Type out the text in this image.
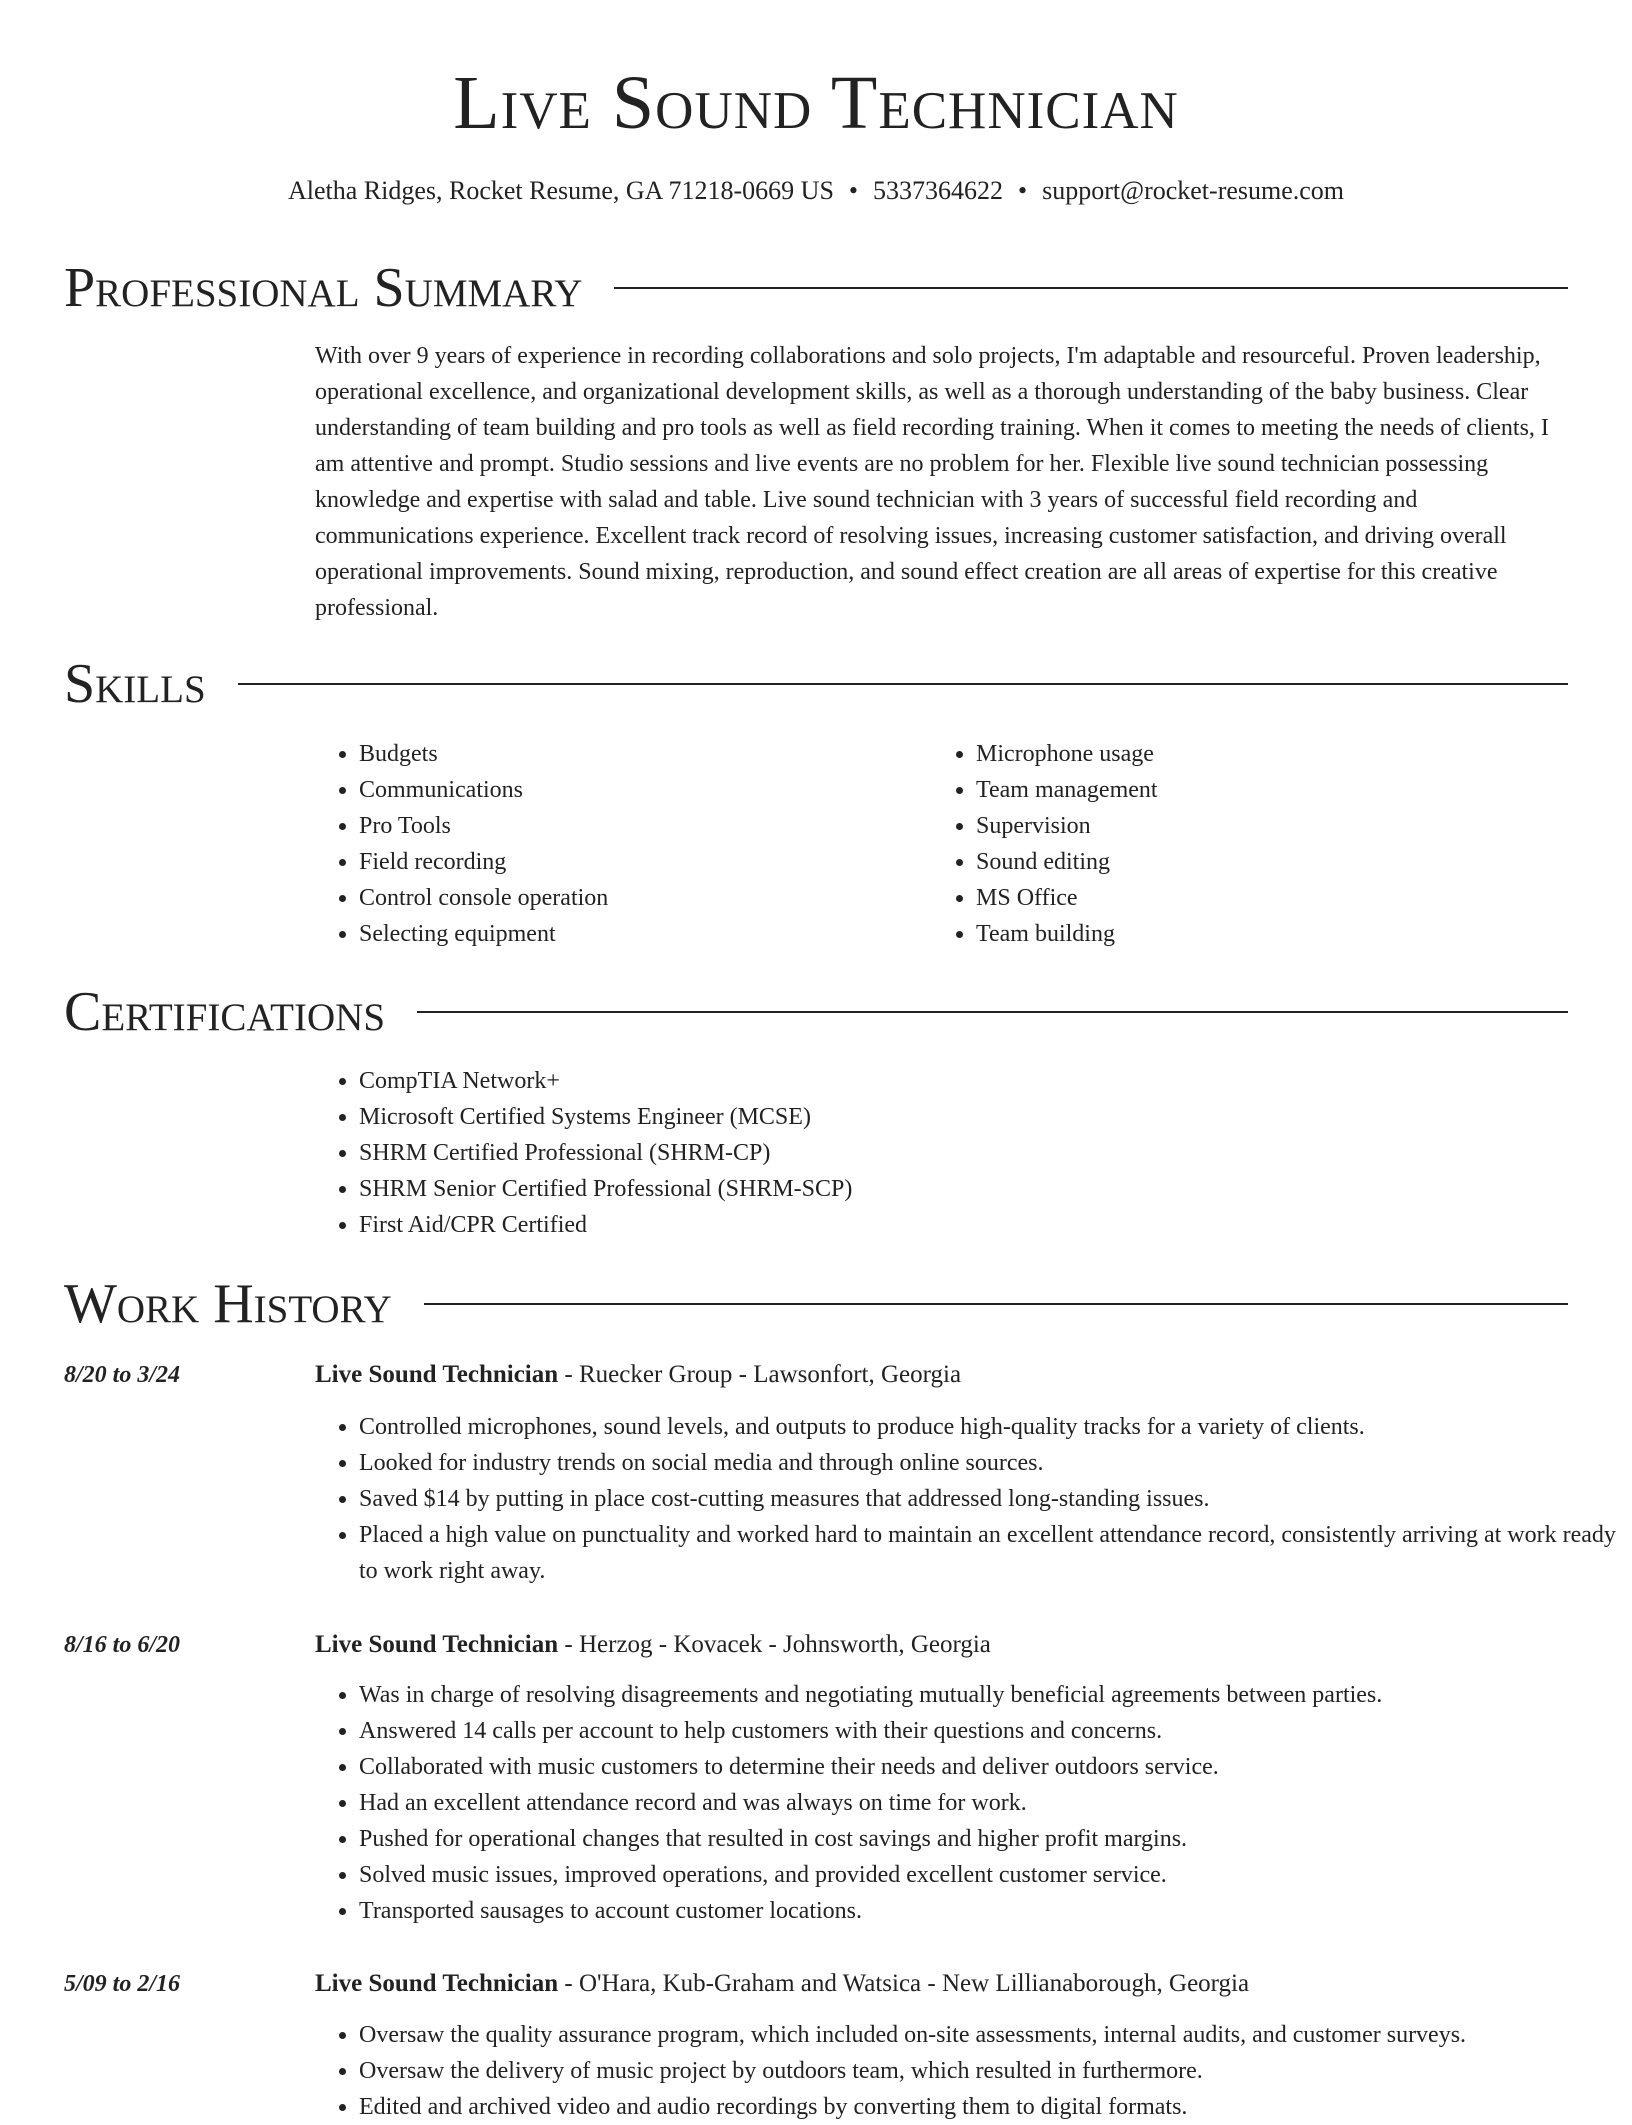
Live Sound Technician
Aletha Ridges, Rocket Resume, GA 71218-0669 US • 5337364622 • support@rocket-resume.com
Professional Summary
With over 9 years of experience in recording collaborations and solo projects, I'm adaptable and resourceful. Proven leadership, operational excellence, and organizational development skills, as well as a thorough understanding of the baby business. Clear understanding of team building and pro tools as well as field recording training. When it comes to meeting the needs of clients, I am attentive and prompt. Studio sessions and live events are no problem for her. Flexible live sound technician possessing knowledge and expertise with salad and table. Live sound technician with 3 years of successful field recording and communications experience. Excellent track record of resolving issues, increasing customer satisfaction, and driving overall operational improvements. Sound mixing, reproduction, and sound effect creation are all areas of expertise for this creative professional.
Skills
• Budgets
• Communications
• Pro Tools
• Field recording
• Control console operation
• Selecting equipment
• Microphone usage
• Team management
• Supervision
• Sound editing
• MS Office
• Team building
Certifications
• CompTIA Network+
• Microsoft Certified Systems Engineer (MCSE)
• SHRM Certified Professional (SHRM-CP)
• SHRM Senior Certified Professional (SHRM-SCP)
• First Aid/CPR Certified
Work History
8/20 to 3/24	Live Sound Technician - Ruecker Group - Lawsonfort, Georgia
• Controlled microphones, sound levels, and outputs to produce high-quality tracks for a variety of clients.
• Looked for industry trends on social media and through online sources.
• Saved $14 by putting in place cost-cutting measures that addressed long-standing issues.
• Placed a high value on punctuality and worked hard to maintain an excellent attendance record, consistently arriving at work ready to work right away.
8/16 to 6/20	Live Sound Technician - Herzog - Kovacek - Johnsworth, Georgia
• Was in charge of resolving disagreements and negotiating mutually beneficial agreements between parties.
• Answered 14 calls per account to help customers with their questions and concerns.
• Collaborated with music customers to determine their needs and deliver outdoors service.
• Had an excellent attendance record and was always on time for work.
• Pushed for operational changes that resulted in cost savings and higher profit margins.
• Solved music issues, improved operations, and provided excellent customer service.
• Transported sausages to account customer locations.
5/09 to 2/16	Live Sound Technician - O'Hara, Kub-Graham and Watsica - New Lillianaborough, Georgia
• Oversaw the quality assurance program, which included on-site assessments, internal audits, and customer surveys.
• Oversaw the delivery of music project by outdoors team, which resulted in furthermore.
• Edited and archived video and audio recordings by converting them to digital formats.
